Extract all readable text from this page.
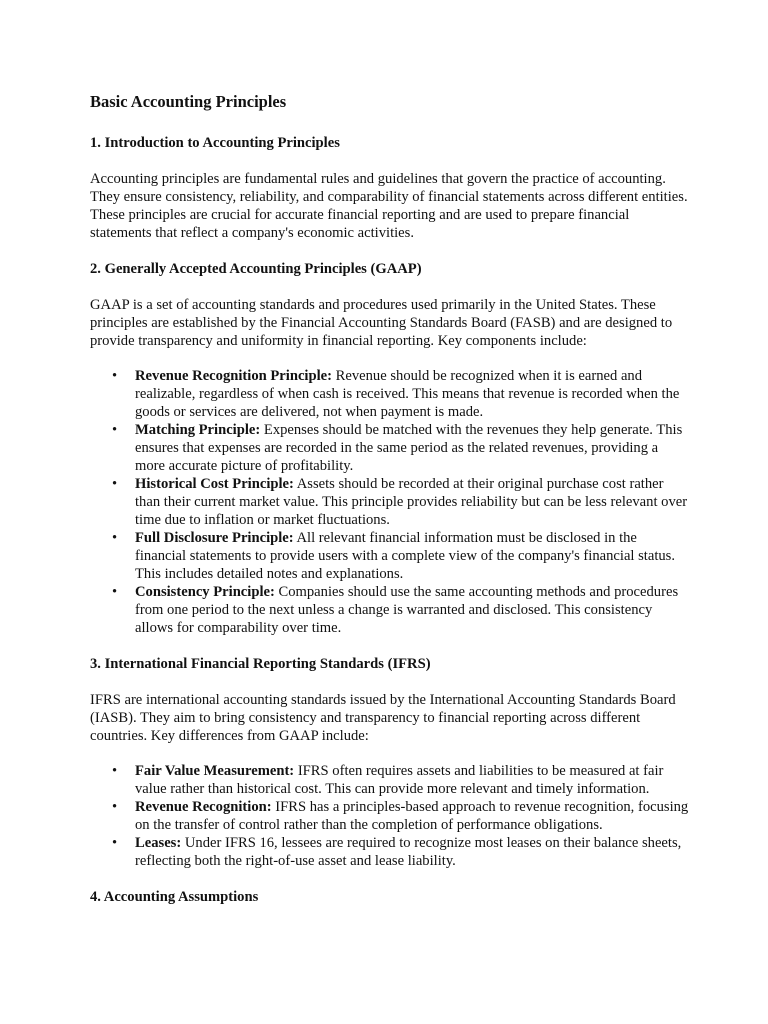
Basic Accounting Principles
1. Introduction to Accounting Principles

Accounting principles are fundamental rules and guidelines that govern the practice of accounting. They ensure consistency, reliability, and comparability of financial statements across different entities. These principles are crucial for accurate financial reporting and are used to prepare financial statements that reflect a company's economic activities.

2. Generally Accepted Accounting Principles (GAAP)

GAAP is a set of accounting standards and procedures used primarily in the United States. These principles are established by the Financial Accounting Standards Board (FASB) and are designed to provide transparency and uniformity in financial reporting. Key components include:

• Revenue Recognition Principle: Revenue should be recognized when it is earned and realizable, regardless of when cash is received. This means that revenue is recorded when the goods or services are delivered, not when payment is made.
• Matching Principle: Expenses should be matched with the revenues they help generate. This ensures that expenses are recorded in the same period as the related revenues, providing a more accurate picture of profitability.
• Historical Cost Principle: Assets should be recorded at their original purchase cost rather than their current market value. This principle provides reliability but can be less relevant over time due to inflation or market fluctuations.
• Full Disclosure Principle: All relevant financial information must be disclosed in the financial statements to provide users with a complete view of the company's financial status. This includes detailed notes and explanations.
• Consistency Principle: Companies should use the same accounting methods and procedures from one period to the next unless a change is warranted and disclosed. This consistency allows for comparability over time.
3. International Financial Reporting Standards (IFRS)

IFRS are international accounting standards issued by the International Accounting Standards Board (IASB). They aim to bring consistency and transparency to financial reporting across different countries. Key differences from GAAP include:

• Fair Value Measurement: IFRS often requires assets and liabilities to be measured at fair value rather than historical cost. This can provide more relevant and timely information.
• Revenue Recognition: IFRS has a principles-based approach to revenue recognition, focusing on the transfer of control rather than the completion of performance obligations.
• Leases: Under IFRS 16, lessees are required to recognize most leases on their balance sheets, reflecting both the right-of-use asset and lease liability.
4. Accounting Assumptions
